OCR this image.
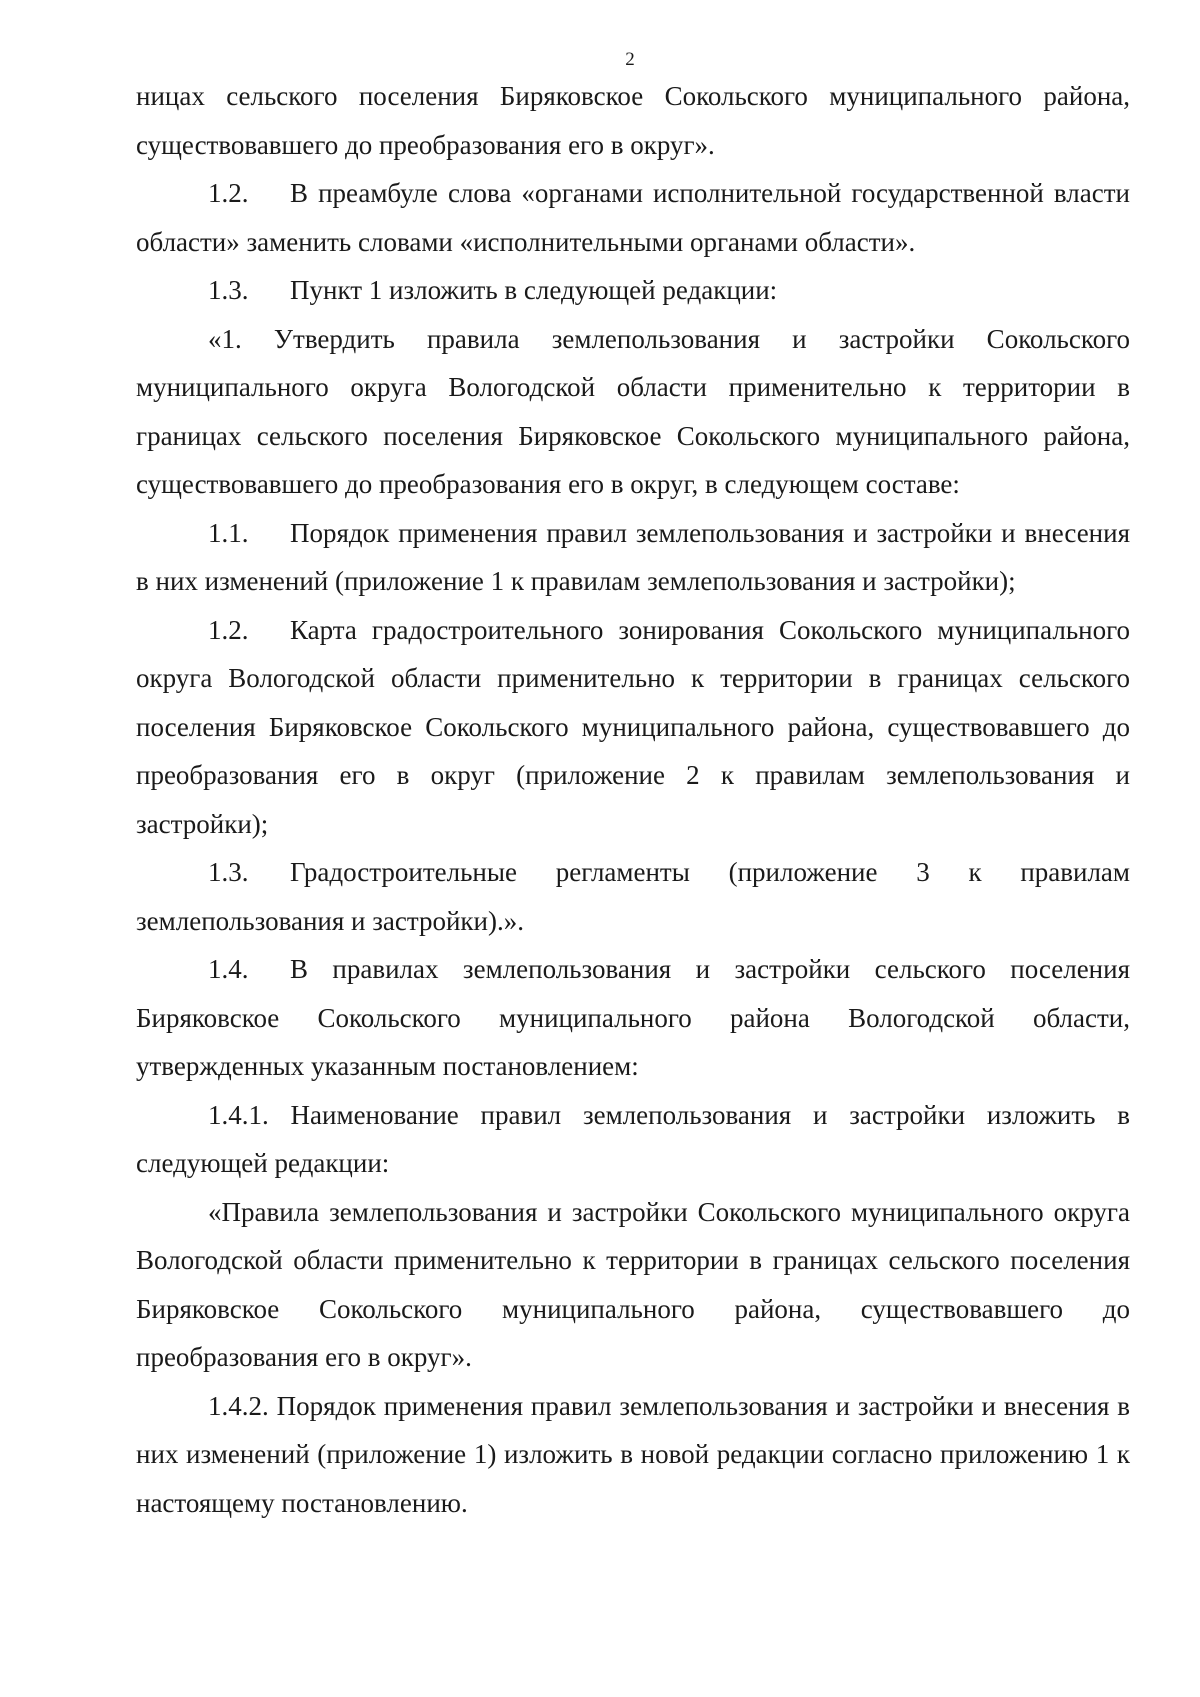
2

ницах сельского поселения Биряковское Сокольского муниципального района, существовавшего до преобразования его в округ».

1.2. В преамбуле слова «органами исполнительной государственной власти области» заменить словами «исполнительными органами области».

1.3. Пункт 1 изложить в следующей редакции:

«1. Утвердить правила землепользования и застройки Сокольского муниципального округа Вологодской области применительно к территории в границах сельского поселения Биряковское Сокольского муниципального района, существовавшего до преобразования его в округ, в следующем составе:

1.1. Порядок применения правил землепользования и застройки и внесения в них изменений (приложение 1 к правилам землепользования и застройки);

1.2. Карта градостроительного зонирования Сокольского муниципального округа Вологодской области применительно к территории в границах сельского поселения Биряковское Сокольского муниципального района, существовавшего до преобразования его в округ (приложение 2 к правилам землепользования и застройки);

1.3. Градостроительные регламенты (приложение 3 к правилам землепользования и застройки).».

1.4. В правилах землепользования и застройки сельского поселения Биряковское Сокольского муниципального района Вологодской области, утвержденных указанным постановлением:

1.4.1. Наименование правил землепользования и застройки изложить в следующей редакции:

«Правила землепользования и застройки Сокольского муниципального округа Вологодской области применительно к территории в границах сельского поселения Биряковское Сокольского муниципального района, существовавшего до преобразования его в округ».

1.4.2. Порядок применения правил землепользования и застройки и внесения в них изменений (приложение 1) изложить в новой редакции согласно приложению 1 к настоящему постановлению.
